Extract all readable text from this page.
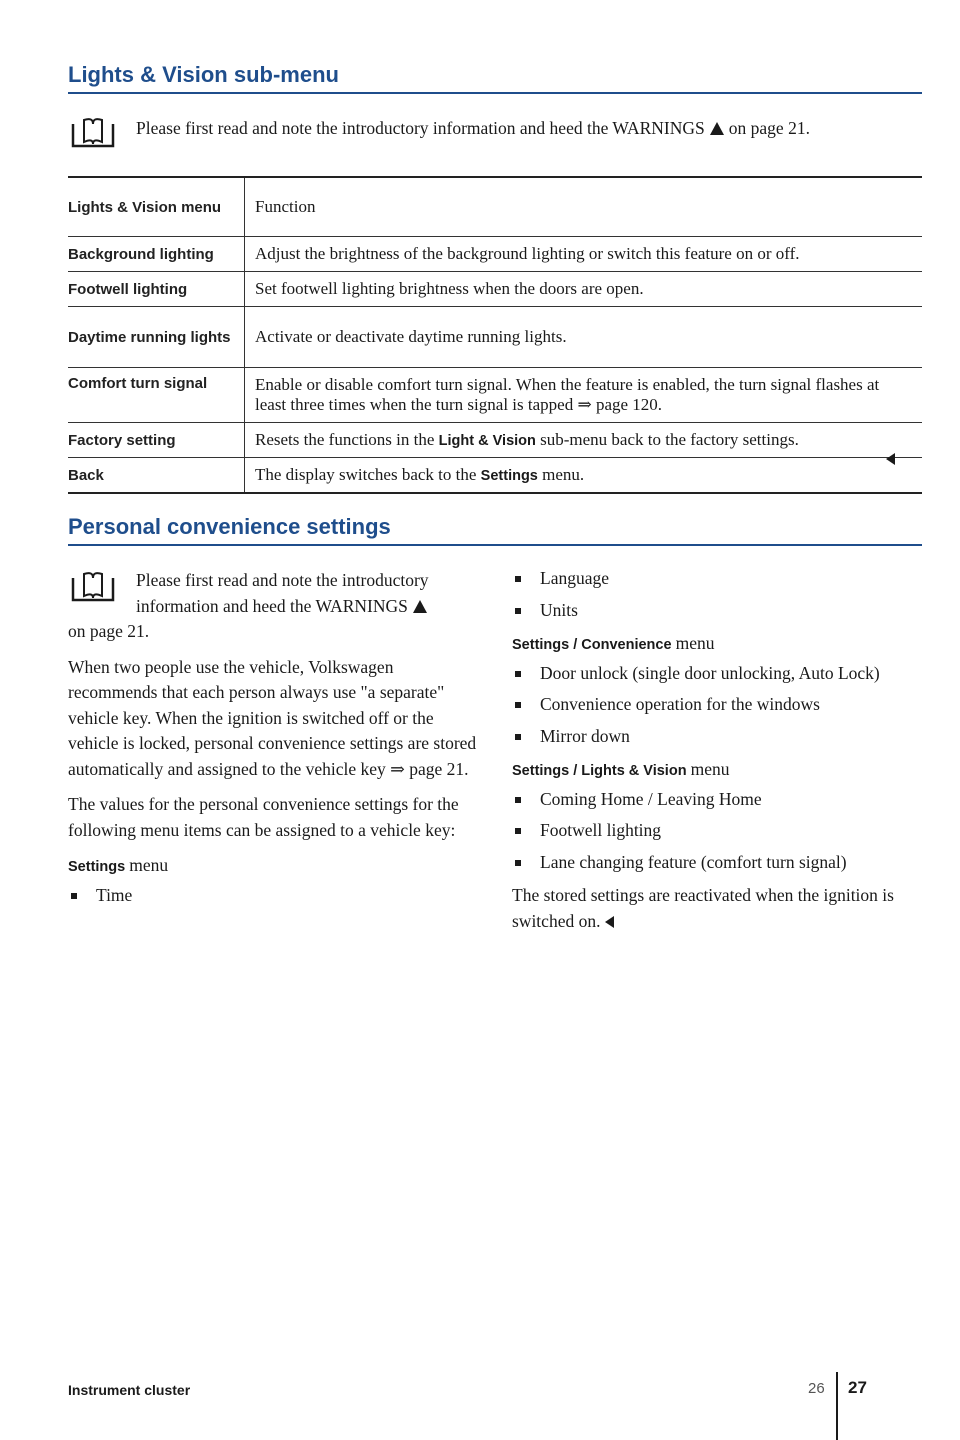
Lights & Vision sub-menu
Please first read and note the introductory information and heed the WARNINGS on page 21.
Lights & Vision menu	Function
Background lighting	Adjust the brightness of the background lighting or switch this feature on or off.
Footwell lighting	Set footwell lighting brightness when the doors are open.
Daytime running lights	Activate or deactivate daytime running lights.
Comfort turn signal	Enable or disable comfort turn signal. When the feature is enabled, the turn signal flashes at least three times when the turn signal is tapped ⇒ page 120.
Factory setting	Resets the functions in the Light & Vision sub-menu back to the factory settings.
Back	The display switches back to the Settings menu.
Personal convenience settings

Please first read and note the introductory information and heed the WARNINGS

on page 21.

When two people use the vehicle, Volkswagen recommends that each person always use "a separate" vehicle key. When the ignition is switched off or the vehicle is locked, personal convenience settings are stored automatically and assigned to the vehicle key ⇒ page 21.

The values for the personal convenience settings for the following menu items can be assigned to a vehicle key:

Settings menu
Time
Language
Units
Settings / Convenience menu
Door unlock (single door unlocking, Auto Lock)
Convenience operation for the windows
Mirror down
Settings / Lights & Vision menu
Coming Home / Leaving Home
Footwell lighting
Lane changing feature (comfort turn signal)

The stored settings are reactivated when the ignition is switched on.

Instrument cluster	26 27
